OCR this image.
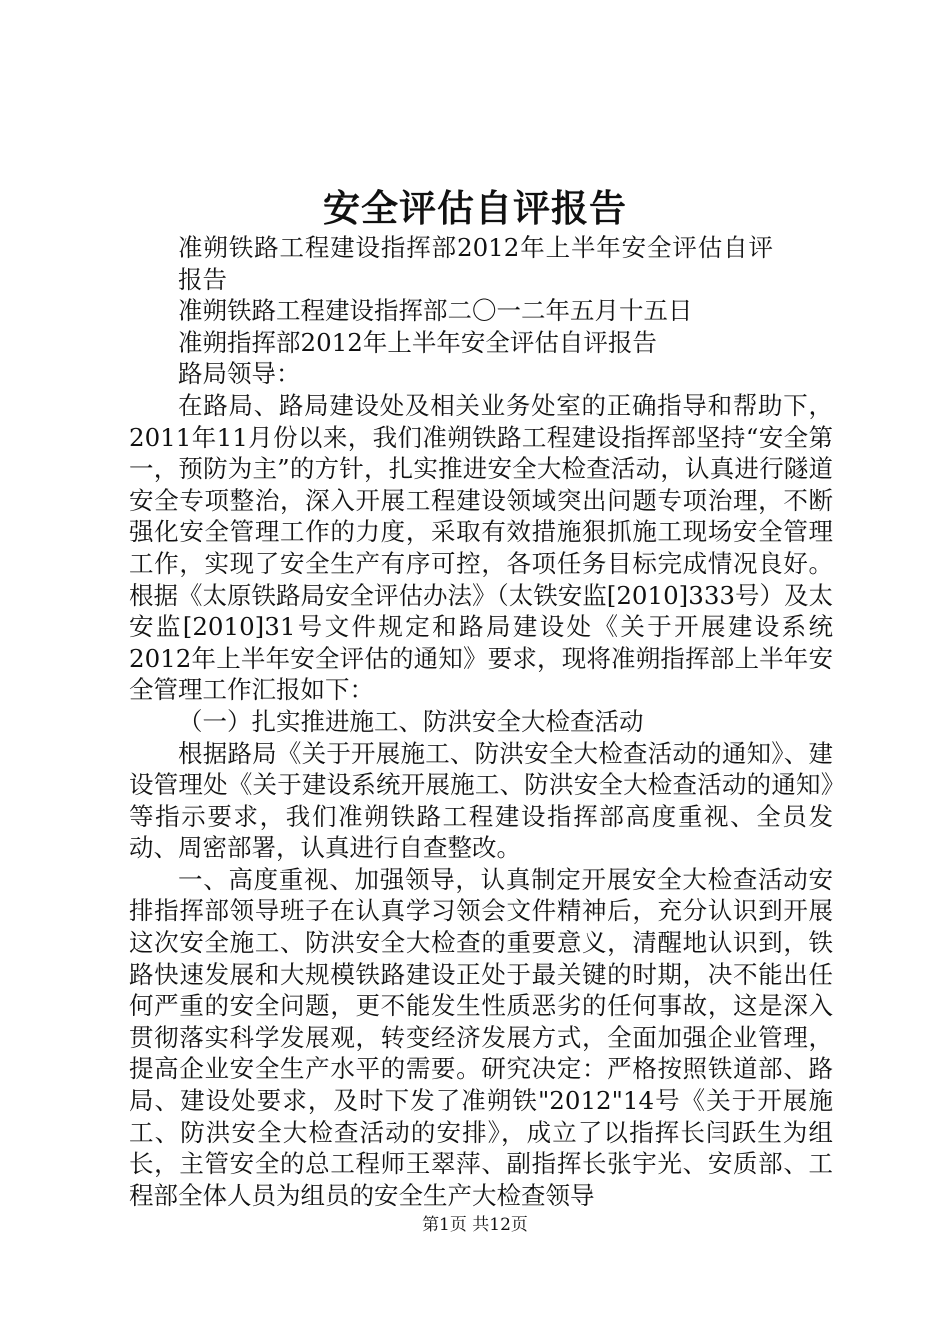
安全评估自评报告

准朔铁路工程建设指挥部2012年上半年安全评估自评报告

准朔铁路工程建设指挥部二〇一二年五月十五日

准朔指挥部2012年上半年安全评估自评报告

路局领导：

在路局、路局建设处及相关业务处室的正确指导和帮助下，2011年11月份以来，我们准朔铁路工程建设指挥部坚持“安全第一，预防为主”的方针，扎实推进安全大检查活动，认真进行隧道安全专项整治，深入开展工程建设领域突出问题专项治理，不断强化安全管理工作的力度，采取有效措施狠抓施工现场安全管理工作，实现了安全生产有序可控，各项任务目标完成情况良好。根据《太原铁路局安全评估办法》（太铁安监[2010]333号）及太安监[2010]31号文件规定和路局建设处《关于开展建设系统2012年上半年安全评估的通知》要求，现将准朔指挥部上半年安全管理工作汇报如下：

（一）扎实推进施工、防洪安全大检查活动

根据路局《关于开展施工、防洪安全大检查活动的通知》、建设管理处《关于建设系统开展施工、防洪安全大检查活动的通知》等指示要求，我们准朔铁路工程建设指挥部高度重视、全员发动、周密部署，认真进行自查整改。

一、高度重视、加强领导，认真制定开展安全大检查活动安排指挥部领导班子在认真学习领会文件精神后，充分认识到开展这次安全施工、防洪安全大检查的重要意义，清醒地认识到，铁路快速发展和大规模铁路建设正处于最关键的时期，决不能出任何严重的安全问题，更不能发生性质恶劣的任何事故，这是深入贯彻落实科学发展观，转变经济发展方式，全面加强企业管理，提高企业安全生产水平的需要。研究决定：严格按照铁道部、路局、建设处要求，及时下发了准朔铁"2012"14号《关于开展施工、防洪安全大检查活动的安排》，成立了以指挥长闫跃生为组长，主管安全的总工程师王翠萍、副指挥长张宇光、安质部、工程部全体人员为组员的安全生产大检查领导

第1页 共12页
